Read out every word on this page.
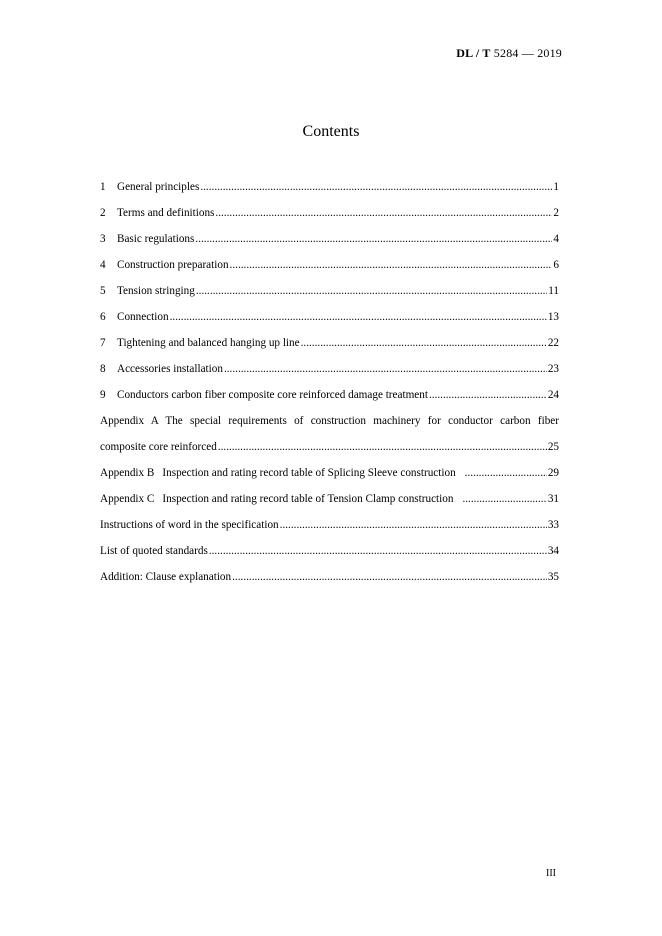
DL / T 5284 — 2019
Contents
1	General principles .....	1
2	Terms and definitions .....	2
3	Basic regulations .....	4
4	Construction preparation .....	6
5	Tension stringing .....	11
6	Connection .....	13
7	Tightening and balanced hanging up line .....	22
8	Accessories installation .....	23
9	Conductors carbon fiber composite core reinforced damage treatment .....	24
Appendix A The special requirements of construction machinery for conductor carbon fiber
composite core reinforced .....	25
Appendix B Inspection and rating record table of Splicing Sleeve construction .....	29
Appendix C Inspection and rating record table of Tension Clamp construction .....	31
Instructions of word in the specification .....	33
List of quoted standards .....	34
Addition: Clause explanation .....	35
III
